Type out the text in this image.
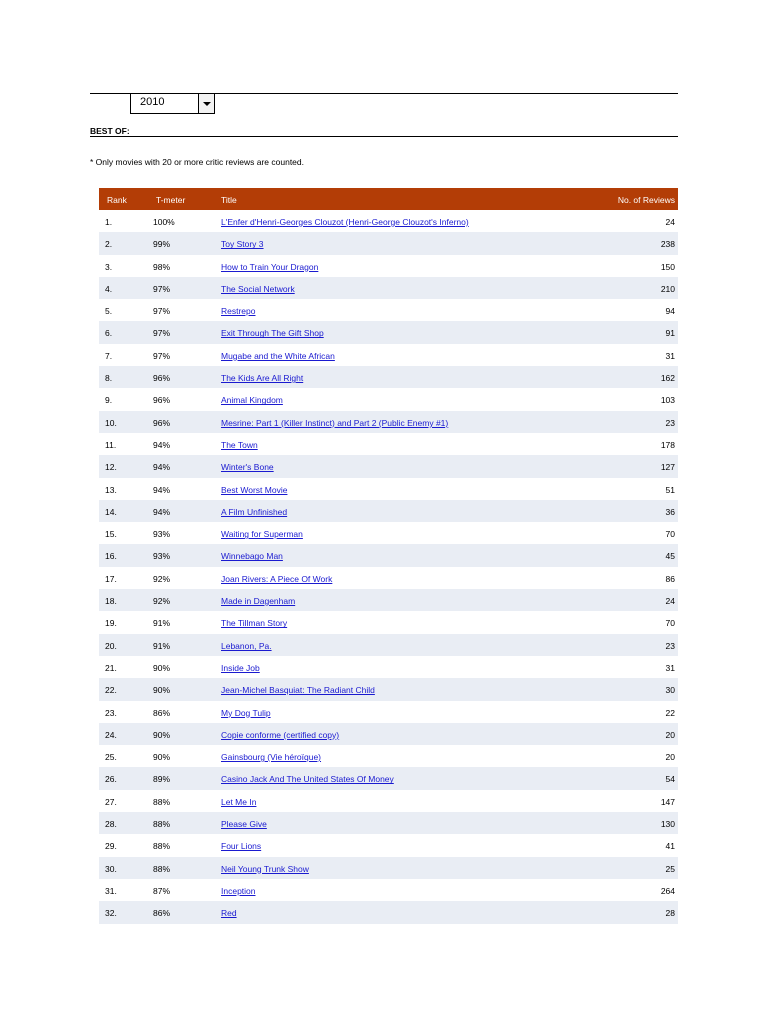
2010
BEST OF:
* Only movies with 20 or more critic reviews are counted.
Rank	T-meter	Title	No. of Reviews
1.	100%	L'Enfer d'Henri-Georges Clouzot (Henri-George Clouzot's Inferno)	24
2.	99%	Toy Story 3	238
3.	98%	How to Train Your Dragon	150
4.	97%	The Social Network	210
5.	97%	Restrepo	94
6.	97%	Exit Through The Gift Shop	91
7.	97%	Mugabe and the White African	31
8.	96%	The Kids Are All Right	162
9.	96%	Animal Kingdom	103
10.	96%	Mesrine: Part 1 (Killer Instinct) and Part 2 (Public Enemy #1)	23
11.	94%	The Town	178
12.	94%	Winter's Bone	127
13.	94%	Best Worst Movie	51
14.	94%	A Film Unfinished	36
15.	93%	Waiting for Superman	70
16.	93%	Winnebago Man	45
17.	92%	Joan Rivers: A Piece Of Work	86
18.	92%	Made in Dagenham	24
19.	91%	The Tillman Story	70
20.	91%	Lebanon, Pa.	23
21.	90%	Inside Job	31
22.	90%	Jean-Michel Basquiat: The Radiant Child	30
23.	86%	My Dog Tulip	22
24.	90%	Copie conforme (certified copy)	20
25.	90%	Gainsbourg (Vie héroïque)	20
26.	89%	Casino Jack And The United States Of Money	54
27.	88%	Let Me In	147
28.	88%	Please Give	130
29.	88%	Four Lions	41
30.	88%	Neil Young Trunk Show	25
31.	87%	Inception	264
32.	86%	Red	28
